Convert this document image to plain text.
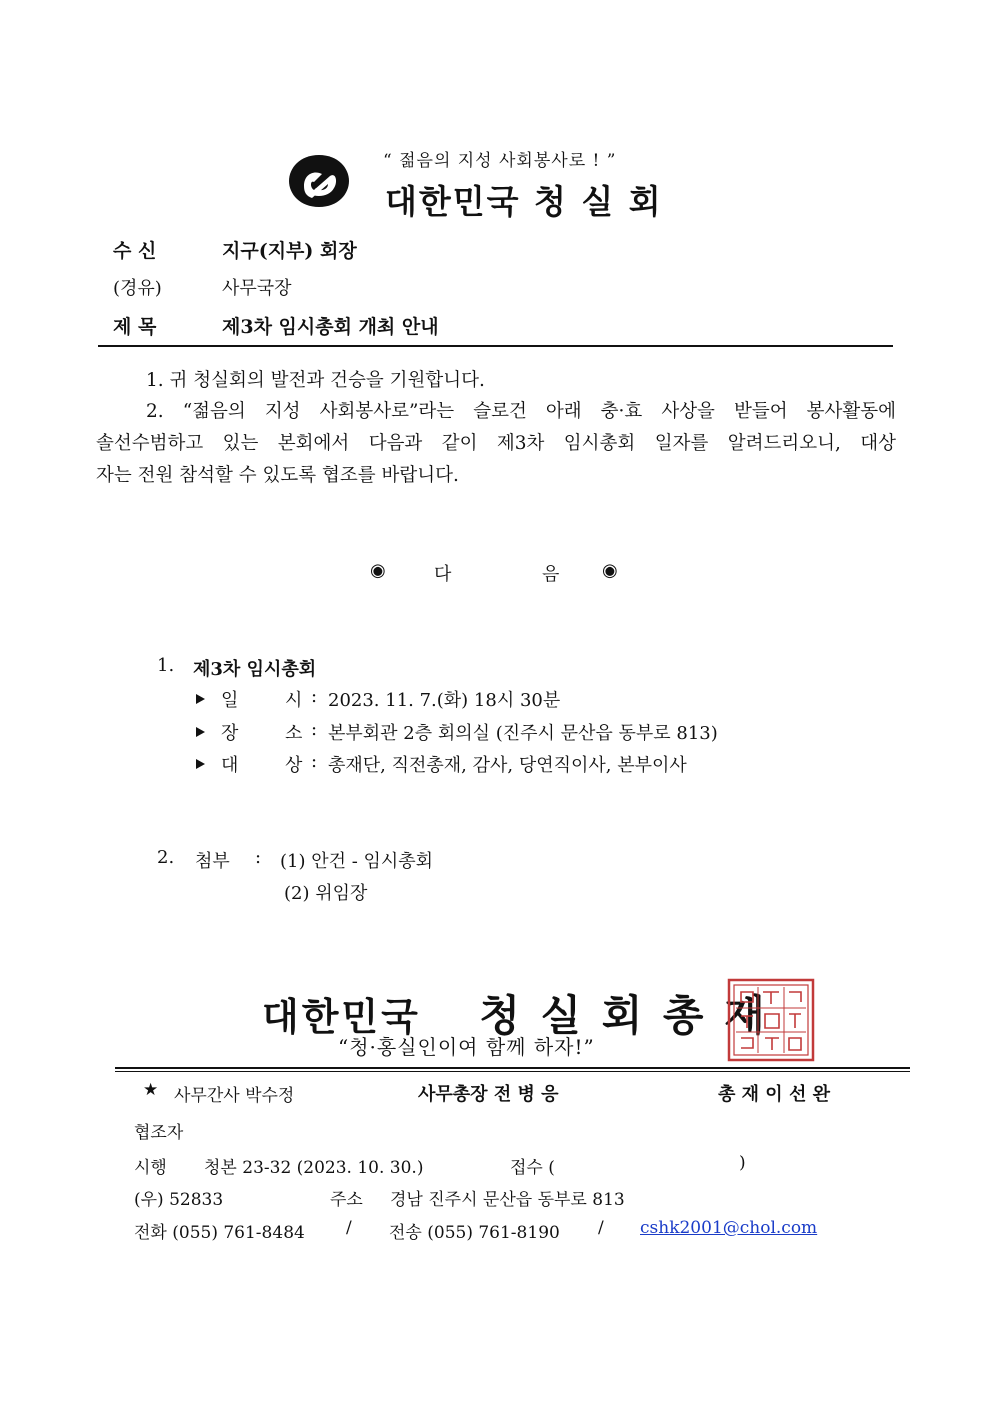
“ 젊음의 지성 사회봉사로 ! ”
대한민국 청 실 회
수 신	지구(지부) 회장
(경유)	사무국장
제 목	제3차 임시총회 개최 안내
1. 귀 청실회의 발전과 건승을 기원합니다.
2. “젊음의 지성 사회봉사로”라는 슬로건 아래 충·효 사상을 받들어 봉사활동에
솔선수범하고 있는 본회에서 다음과 같이 제3차 임시총회 일자를 알려드리오니, 대상
자는 전원 참석할 수 있도록 협조를 바랍니다.
◉	다	음 ◉
1. 제3차 임시총회
일	시 : 2023. 11. 7.(화) 18시 30분
장	소 : 본부회관 2층 회의실 (진주시 문산읍 동부로 813)
대	상 : 총재단, 직전총재, 감사, 당연직이사, 본부이사
2. 첨부 : (1) 안건 - 임시총회
(2) 위임장
대한민국 청 실 회 총 재
“청·홍실인이여 함께 하자!”
★ 사무간사 박수정	사무총장 전 병 응	총 재 이 선 완
협조자
시행 청본 23-32 (2023. 10. 30.)	접수 (	)
(우) 52833	주소 경남 진주시 문산읍 동부로 813
전화 (055) 761-8484 / 전송 (055) 761-8190 / cshk2001@chol.com
